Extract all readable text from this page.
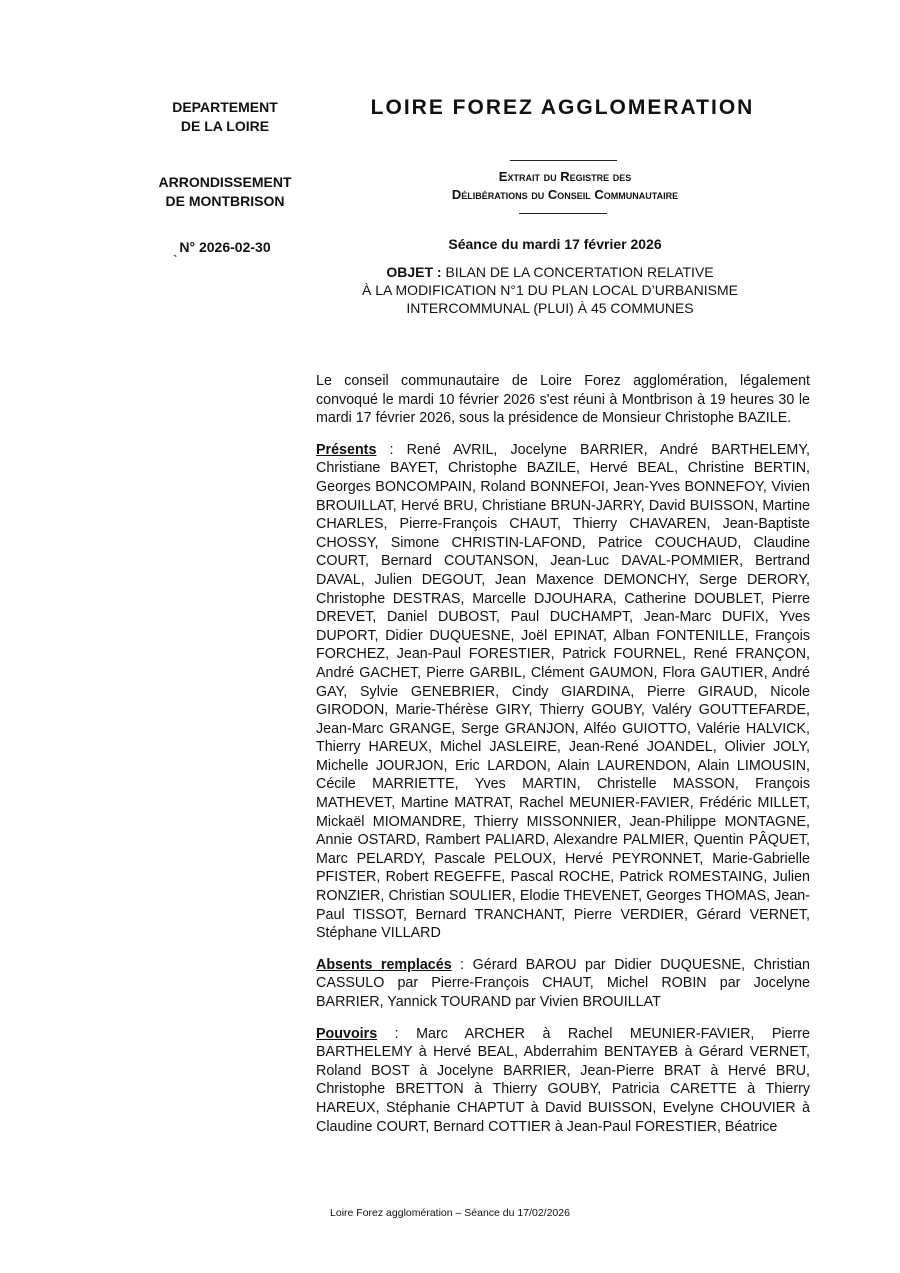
DEPARTEMENT
DE LA LOIRE
ARRONDISSEMENT
DE MONTBRISON
N° 2026-02-30
`
LOIRE FOREZ AGGLOMERATION
Extrait du Registre des
Délibérations du Conseil Communautaire
Séance du mardi 17 février 2026
OBJET : BILAN DE LA CONCERTATION RELATIVE
À LA MODIFICATION N°1 DU PLAN LOCAL D’URBANISME
INTERCOMMUNAL (PLUI) À 45 COMMUNES

Le conseil communautaire de Loire Forez agglomération, légalement convoqué le mardi 10 février 2026 s'est réuni à Montbrison à 19 heures 30 le mardi 17 février 2026, sous la présidence de Monsieur Christophe BAZILE.

Présents : René AVRIL, Jocelyne BARRIER, André BARTHELEMY, Christiane BAYET, Christophe BAZILE, Hervé BEAL, Christine BERTIN, Georges BONCOMPAIN, Roland BONNEFOI, Jean-Yves BONNEFOY, Vivien BROUILLAT, Hervé BRU, Christiane BRUN-JARRY, David BUISSON, Martine CHARLES, Pierre-François CHAUT, Thierry CHAVAREN, Jean-Baptiste CHOSSY, Simone CHRISTIN-LAFOND, Patrice COUCHAUD, Claudine COURT, Bernard COUTANSON, Jean-Luc DAVAL-POMMIER, Bertrand DAVAL, Julien DEGOUT, Jean Maxence DEMONCHY, Serge DERORY, Christophe DESTRAS, Marcelle DJOUHARA, Catherine DOUBLET, Pierre DREVET, Daniel DUBOST, Paul DUCHAMPT, Jean-Marc DUFIX, Yves DUPORT, Didier DUQUESNE, Joël EPINAT, Alban FONTENILLE, François FORCHEZ, Jean-Paul FORESTIER, Patrick FOURNEL, René FRANÇON, André GACHET, Pierre GARBIL, Clément GAUMON, Flora GAUTIER, André GAY, Sylvie GENEBRIER, Cindy GIARDINA, Pierre GIRAUD, Nicole GIRODON, Marie-Thérèse GIRY, Thierry GOUBY, Valéry GOUTTEFARDE, Jean-Marc GRANGE, Serge GRANJON, Alféo GUIOTTO, Valérie HALVICK, Thierry HAREUX, Michel JASLEIRE, Jean-René JOANDEL, Olivier JOLY, Michelle JOURJON, Eric LARDON, Alain LAURENDON, Alain LIMOUSIN, Cécile MARRIETTE, Yves MARTIN, Christelle MASSON, François MATHEVET, Martine MATRAT, Rachel MEUNIER-FAVIER, Frédéric MILLET, Mickaël MIOMANDRE, Thierry MISSONNIER, Jean-Philippe MONTAGNE, Annie OSTARD, Rambert PALIARD, Alexandre PALMIER, Quentin PÂQUET, Marc PELARDY, Pascale PELOUX, Hervé PEYRONNET, Marie-Gabrielle PFISTER, Robert REGEFFE, Pascal ROCHE, Patrick ROMESTAING, Julien RONZIER, Christian SOULIER, Elodie THEVENET, Georges THOMAS, Jean-Paul TISSOT, Bernard TRANCHANT, Pierre VERDIER, Gérard VERNET, Stéphane VILLARD

Absents remplacés : Gérard BAROU par Didier DUQUESNE, Christian CASSULO par Pierre-François CHAUT, Michel ROBIN par Jocelyne BARRIER, Yannick TOURAND par Vivien BROUILLAT

Pouvoirs : Marc ARCHER à Rachel MEUNIER-FAVIER, Pierre BARTHELEMY à Hervé BEAL, Abderrahim BENTAYEB à Gérard VERNET, Roland BOST à Jocelyne BARRIER, Jean-Pierre BRAT à Hervé BRU, Christophe BRETTON à Thierry GOUBY, Patricia CARETTE à Thierry HAREUX, Stéphanie CHAPTUT à David BUISSON, Evelyne CHOUVIER à Claudine COURT, Bernard COTTIER à Jean-Paul FORESTIER, Béatrice

Loire Forez agglomération – Séance du 17/02/2026
